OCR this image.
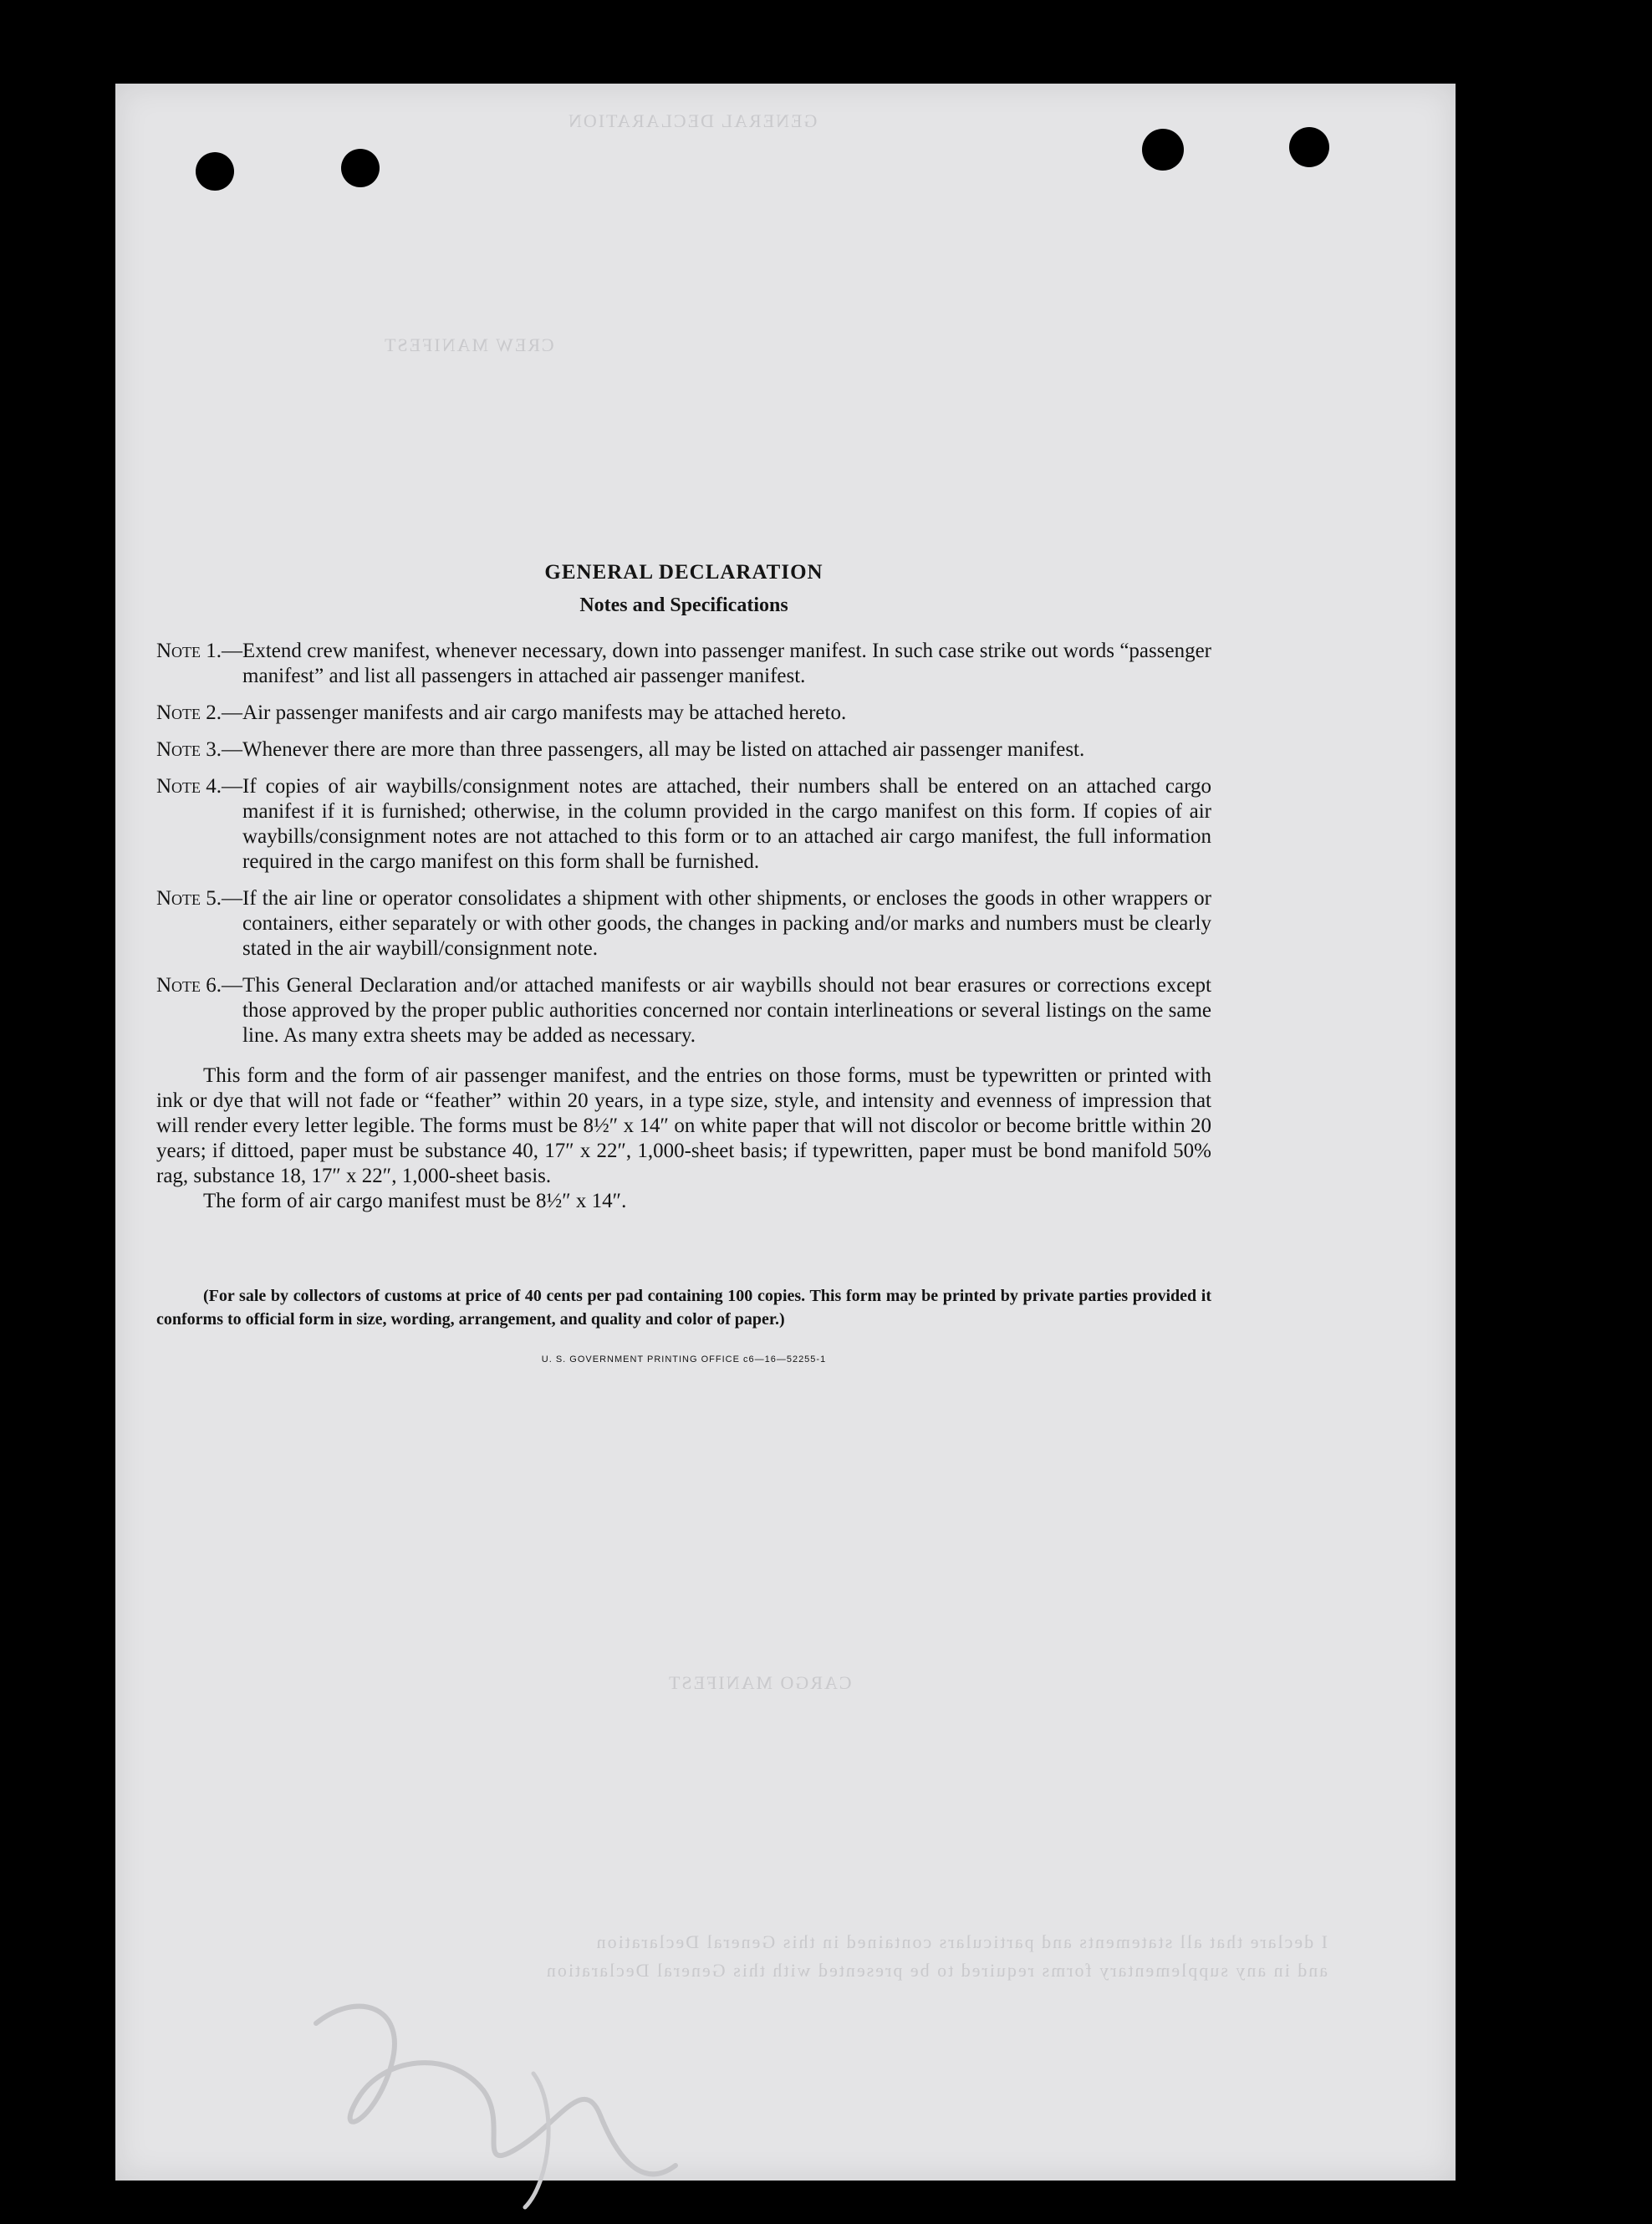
GENERAL DECLARATION
CREW MANIFEST
CARGO MANIFEST
I declare that all statements and particulars contained in this General Declaration
and in any supplementary forms required to be presented with this General Declaration
GENERAL DECLARATION
Notes and Specifications
Note 1.— Extend crew manifest, whenever necessary, down into passenger manifest. In such case strike out words “passenger manifest” and list all passengers in attached air passenger manifest.
Note 2.— Air passenger manifests and air cargo manifests may be attached hereto.
Note 3.— Whenever there are more than three passengers, all may be listed on attached air passenger manifest.
Note 4.— If copies of air waybills/consignment notes are attached, their numbers shall be entered on an attached cargo manifest if it is furnished; otherwise, in the column provided in the cargo manifest on this form. If copies of air waybills/consignment notes are not attached to this form or to an attached air cargo manifest, the full information required in the cargo manifest on this form shall be furnished.
Note 5.— If the air line or operator consolidates a shipment with other shipments, or encloses the goods in other wrappers or containers, either separately or with other goods, the changes in packing and/or marks and numbers must be clearly stated in the air waybill/consignment note.
Note 6.— This General Declaration and/or attached manifests or air waybills should not bear erasures or corrections except those approved by the proper public authorities concerned nor contain interlineations or several listings on the same line. As many extra sheets may be added as necessary.

This form and the form of air passenger manifest, and the entries on those forms, must be typewritten or printed with ink or dye that will not fade or “feather” within 20 years, in a type size, style, and intensity and evenness of impression that will render every letter legible. The forms must be 8½″ x 14″ on white paper that will not discolor or become brittle within 20 years; if dittoed, paper must be substance 40, 17″ x 22″, 1,000-sheet basis; if typewritten, paper must be bond manifold 50% rag, substance 18, 17″ x 22″, 1,000-sheet basis.

The form of air cargo manifest must be 8½″ x 14″.

(For sale by collectors of customs at price of 40 cents per pad containing 100 copies. This form may be printed by private parties provided it conforms to official form in size, wording, arrangement, and quality and color of paper.)
U. S. GOVERNMENT PRINTING OFFICE c6—16—52255-1
